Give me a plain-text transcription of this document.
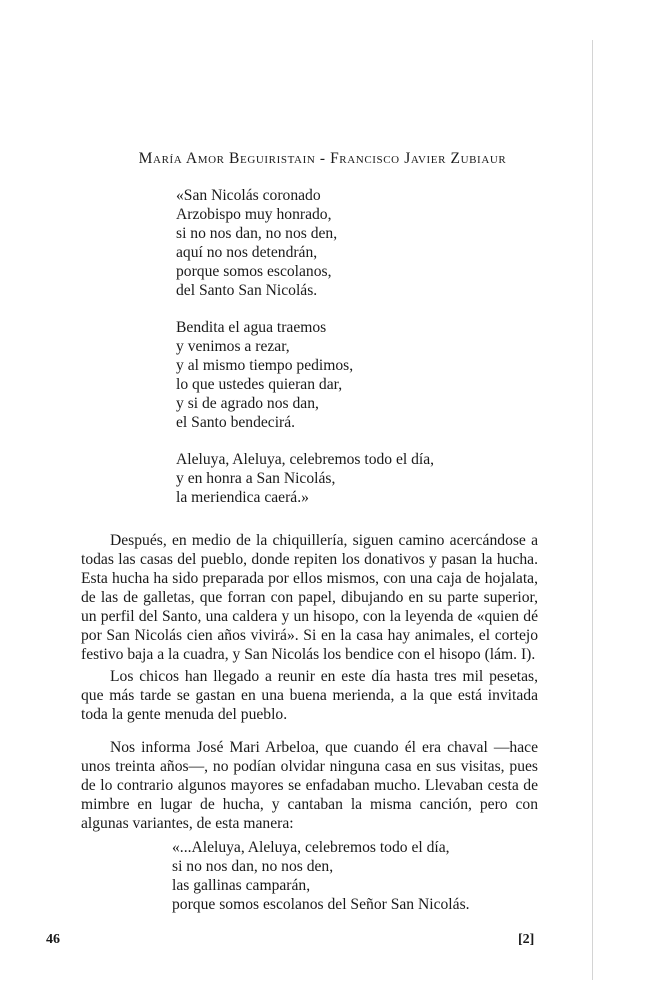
María Amor Beguiristain - Francisco Javier Zubiaur
«San Nicolás coronado
Arzobispo muy honrado,
si no nos dan, no nos den,
aquí no nos detendrán,
porque somos escolanos,
del Santo San Nicolás.
Bendita el agua traemos
y venimos a rezar,
y al mismo tiempo pedimos,
lo que ustedes quieran dar,
y si de agrado nos dan,
el Santo bendecirá.
Aleluya, Aleluya, celebremos todo el día,
y en honra a San Nicolás,
la meriendica caerá.»
Después, en medio de la chiquillería, siguen camino acercándose a todas las casas del pueblo, donde repiten los donativos y pasan la hucha. Esta hucha ha sido preparada por ellos mismos, con una caja de hojalata, de las de galletas, que forran con papel, dibujando en su parte superior, un perfil del Santo, una caldera y un hisopo, con la leyenda de «quien dé por San Nicolás cien años vivirá». Si en la casa hay animales, el cortejo festivo baja a la cuadra, y San Nicolás los bendice con el hisopo (lám. I).
Los chicos han llegado a reunir en este día hasta tres mil pesetas, que más tarde se gastan en una buena merienda, a la que está invitada toda la gente menuda del pueblo.
Nos informa José Mari Arbeloa, que cuando él era chaval —hace unos treinta años—, no podían olvidar ninguna casa en sus visitas, pues de lo contrario algunos mayores se enfadaban mucho. Llevaban cesta de mimbre en lugar de hucha, y cantaban la misma canción, pero con algunas variantes, de esta manera:
«...Aleluya, Aleluya, celebremos todo el día,
si no nos dan, no nos den,
las gallinas camparán,
porque somos escolanos del Señor San Nicolás.
46	[2]
